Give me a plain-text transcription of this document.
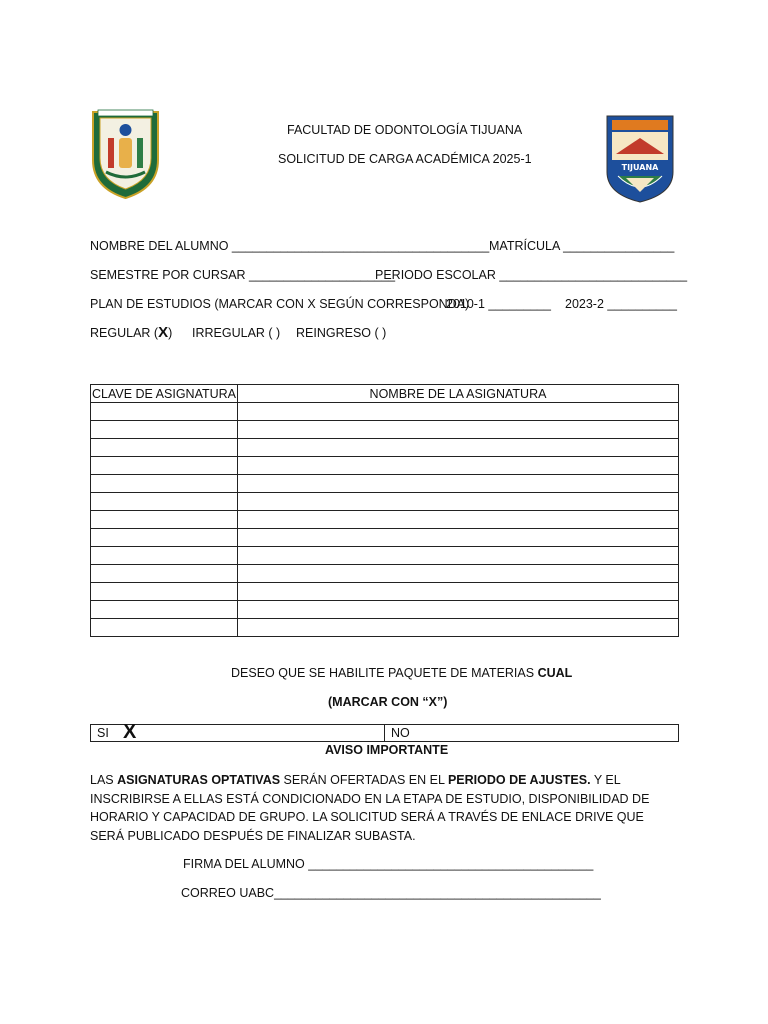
TIJUANA
FACULTAD DE ODONTOLOGÍA TIJUANA
SOLICITUD DE CARGA ACADÉMICA 2025-1
NOMBRE DEL ALUMNO _____________________________________ MATRÍCULA ________________
SEMESTRE POR CURSAR _____________________
PERIODO ESCOLAR ___________________________
PLAN DE ESTUDIOS (MARCAR CON X SEGÚN CORRESPONDA)
2010-1 _________ 2023-2 __________
REGULAR (X) IRREGULAR ( ) REINGRESO ( )
CLAVE DE ASIGNATURA	NOMBRE DE LA ASIGNATURA

DESEO QUE SE HABILITE PAQUETE DE MATERIAS CUAL
(MARCAR CON “X”)
SI X	NO
AVISO IMPORTANTE
LAS ASIGNATURAS OPTATIVAS SERÁN OFERTADAS EN EL PERIODO DE AJUSTES. Y EL INSCRIBIRSE A ELLAS ESTÁ CONDICIONADO EN LA ETAPA DE ESTUDIO, DISPONIBILIDAD DE HORARIO Y CAPACIDAD DE GRUPO. LA SOLICITUD SERÁ A TRAVÉS DE ENLACE DRIVE QUE SERÁ PUBLICADO DESPUÉS DE FINALIZAR SUBASTA.
FIRMA DEL ALUMNO _________________________________________
CORREO UABC_______________________________________________
